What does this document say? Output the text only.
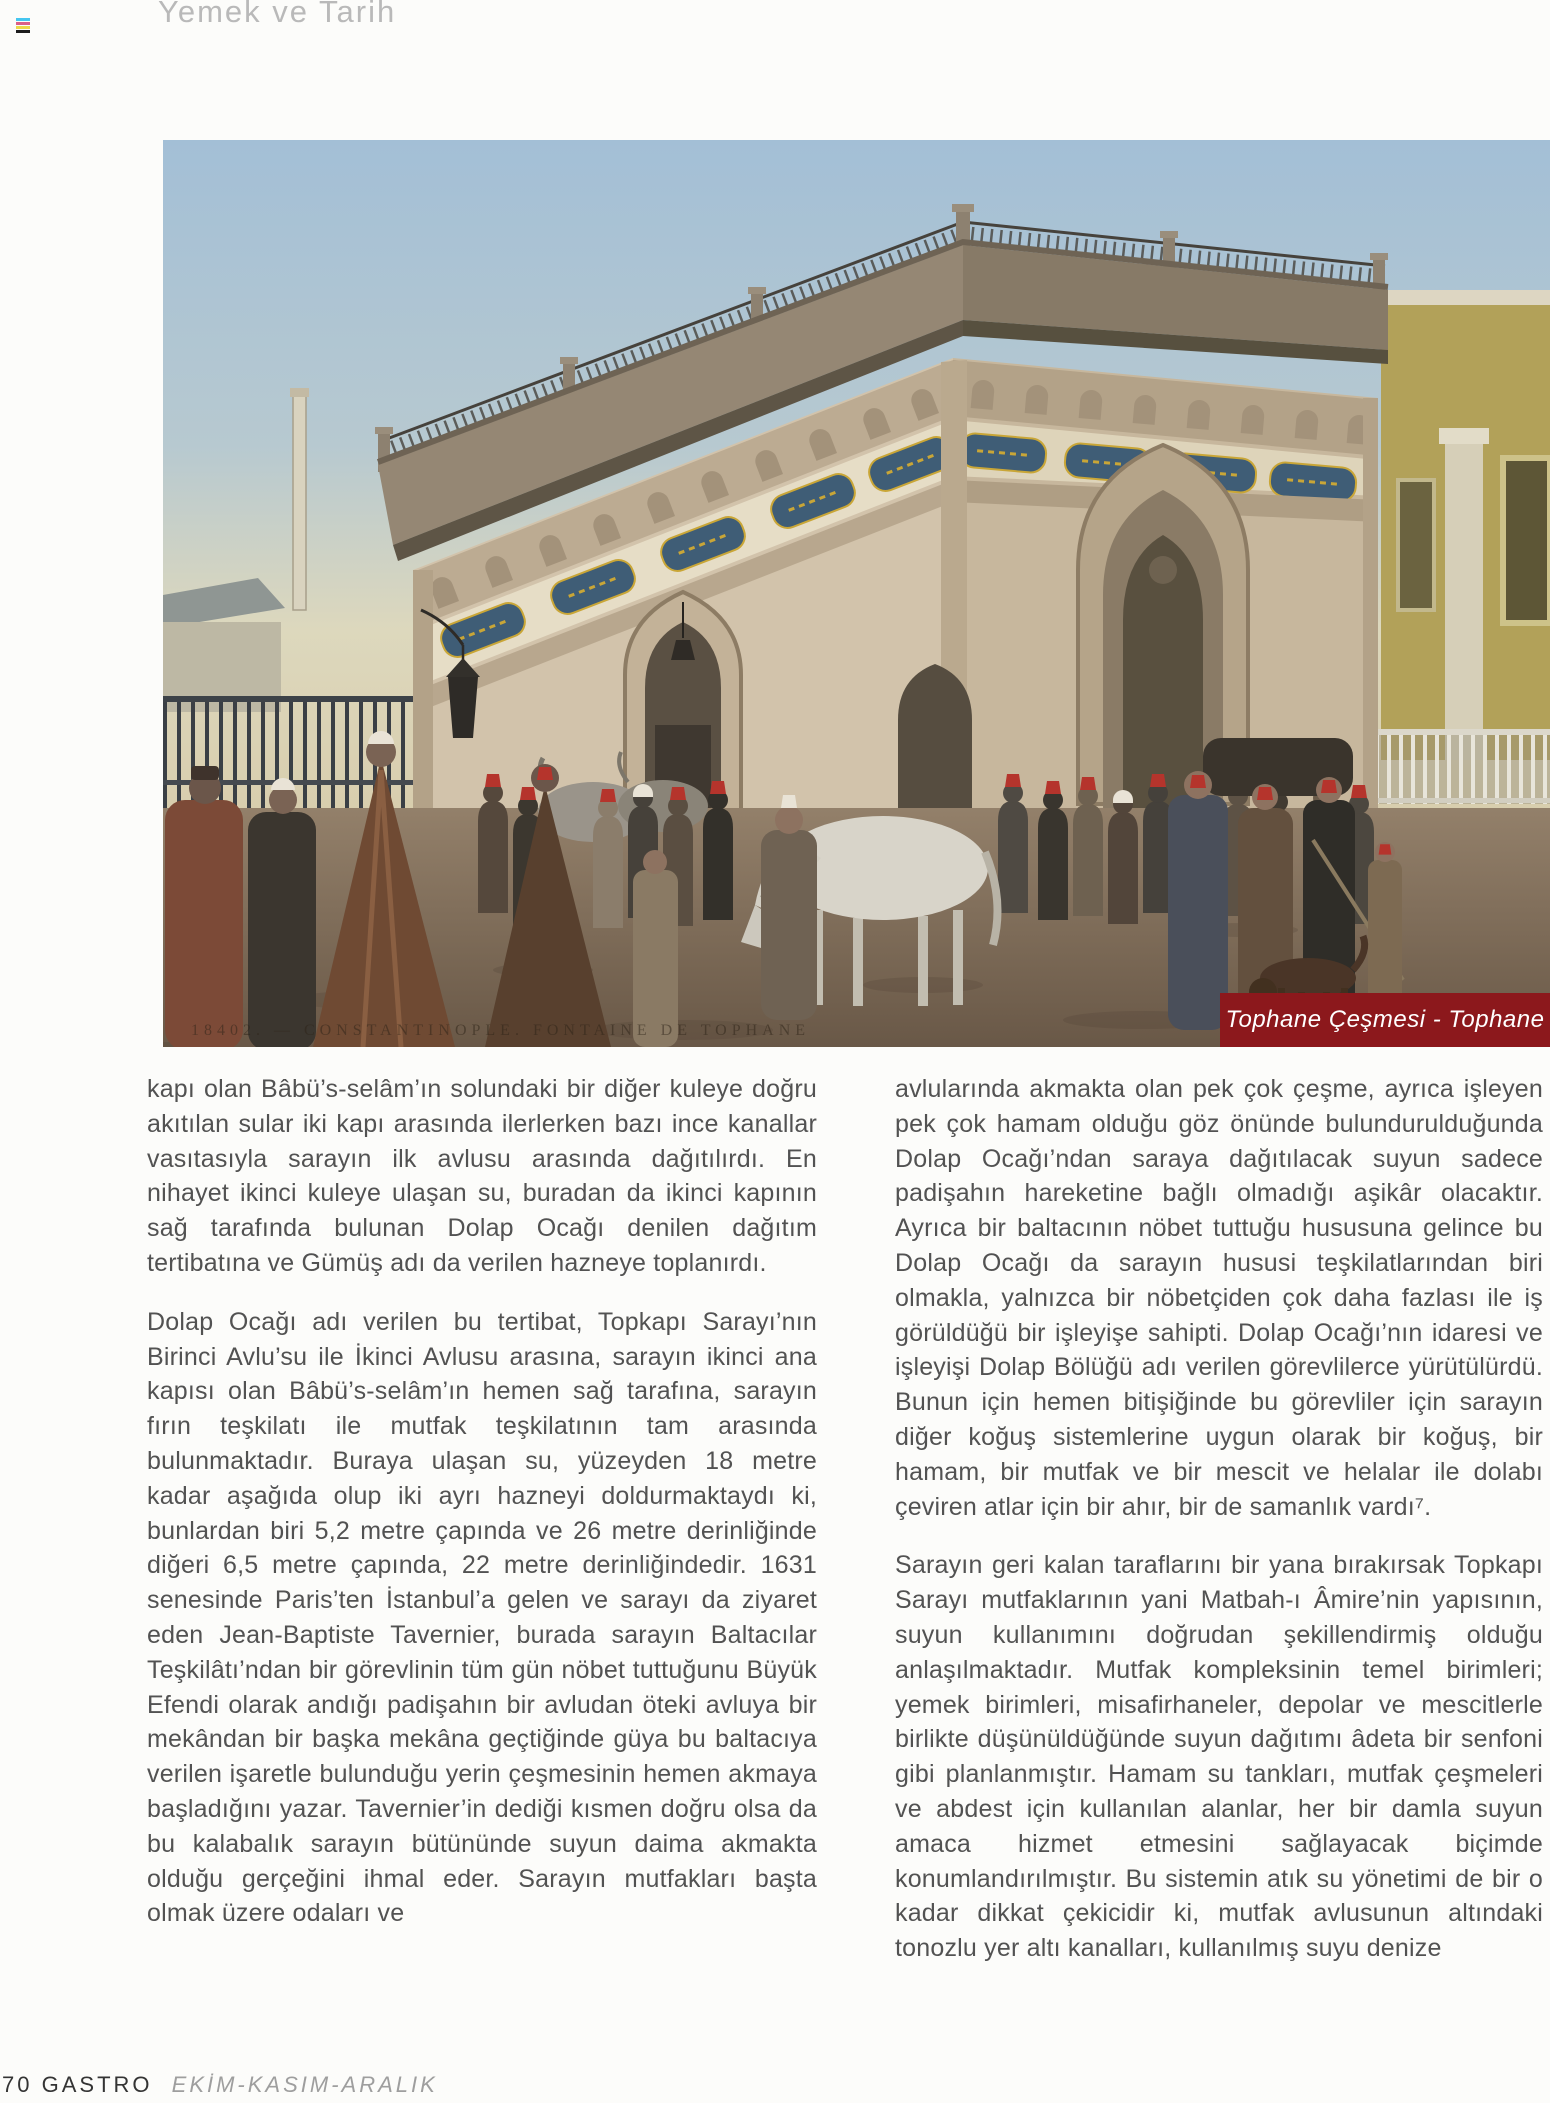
Yemek ve Tarih
18402. — CONSTANTINOPLE. FONTAINE DE TOPHANE	Tophane Çeşmesi - Tophane

kapı olan Bâbü’s-selâm’ın solundaki bir diğer kuleye doğru akıtılan sular iki kapı arasında ilerlerken bazı ince kanallar vasıtasıyla sarayın ilk avlusu arasında dağıtılırdı. En nihayet ikinci kuleye ulaşan su, buradan da ikinci kapının sağ tarafında bulunan Dolap Ocağı denilen dağıtım tertibatına ve Gümüş adı da verilen hazneye toplanırdı.

Dolap Ocağı adı verilen bu tertibat, Topkapı Sarayı’nın Birinci Avlu’su ile İkinci Avlusu arasına, sarayın ikinci ana kapısı olan Bâbü’s-selâm’ın hemen sağ tarafına, sarayın fırın teşkilatı ile mutfak teşkilatının tam arasında bulunmaktadır. Buraya ulaşan su, yüzeyden 18 metre kadar aşağıda olup iki ayrı hazneyi doldurmaktaydı ki, bunlardan biri 5,2 metre çapında ve 26 metre derinliğinde diğeri 6,5 metre çapında, 22 metre derinliğindedir. 1631 senesinde Paris’ten İstanbul’a gelen ve sarayı da ziyaret eden Jean-Baptiste Tavernier, burada sarayın Baltacılar Teşkilâtı’ndan bir görevlinin tüm gün nöbet tuttuğunu Büyük Efendi olarak andığı padişahın bir avludan öteki avluya bir mekândan bir başka mekâna geçtiğinde güya bu baltacıya verilen işaretle bulunduğu yerin çeşmesinin hemen akmaya başladığını yazar. Tavernier’in dediği kısmen doğru olsa da bu kalabalık sarayın bütününde suyun daima akmakta olduğu gerçeğini ihmal eder. Sarayın mutfakları başta olmak üzere odaları ve

avlularında akmakta olan pek çok çeşme, ayrıca işleyen pek çok hamam olduğu göz önünde bulundurulduğunda Dolap Ocağı’ndan saraya dağıtılacak suyun sadece padişahın hareketine bağlı olmadığı aşikâr olacaktır. Ayrıca bir baltacının nöbet tuttuğu hususuna gelince bu Dolap Ocağı da sarayın hususi teşkilatlarından biri olmakla, yalnızca bir nöbetçiden çok daha fazlası ile iş görüldüğü bir işleyişe sahipti. Dolap Ocağı’nın idaresi ve işleyişi Dolap Bölüğü adı verilen görevlilerce yürütülürdü. Bunun için hemen bitişiğinde bu görevliler için sarayın diğer koğuş sistemlerine uygun olarak bir koğuş, bir hamam, bir mutfak ve bir mescit ve helalar ile dolabı çeviren atlar için bir ahır, bir de samanlık vardı⁷.

Sarayın geri kalan taraflarını bir yana bırakırsak Topkapı Sarayı mutfaklarının yani Matbah-ı Âmire’nin yapısının, suyun kullanımını doğrudan şekillendirmiş olduğu anlaşılmaktadır. Mutfak kompleksinin temel birimleri; yemek birimleri, misafirhaneler, depolar ve mescitlerle birlikte düşünüldüğünde suyun dağıtımı âdeta bir senfoni gibi planlanmıştır. Hamam su tankları, mutfak çeşmeleri ve abdest için kullanılan alanlar, her bir damla suyun amaca hizmet etmesini sağlayacak biçimde konumlandırılmıştır. Bu sistemin atık su yönetimi de bir o kadar dikkat çekicidir ki, mutfak avlusunun altındaki tonozlu yer altı kanalları, kullanılmış suyu denize

70 GASTRO EKİM-KASIM-ARALIK
